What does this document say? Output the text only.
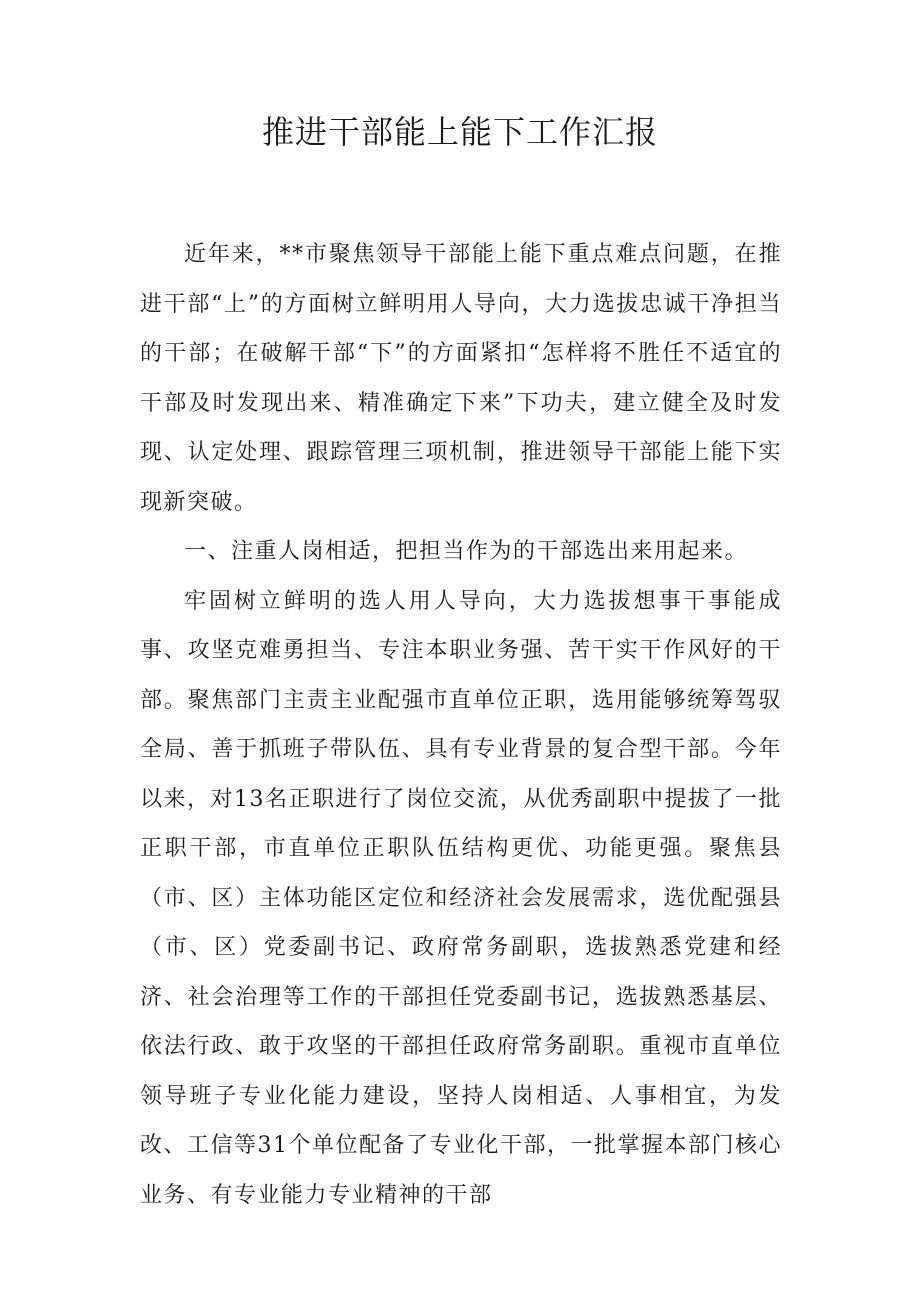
推进干部能上能下工作汇报

近年来，**市聚焦领导干部能上能下重点难点问题，在推进干部“上”的方面树立鲜明用人导向，大力选拔忠诚干净担当的干部；在破解干部“下”的方面紧扣“怎样将不胜任不适宜的干部及时发现出来、精准确定下来”下功夫，建立健全及时发现、认定处理、跟踪管理三项机制，推进领导干部能上能下实现新突破。

一、注重人岗相适，把担当作为的干部选出来用起来。

牢固树立鲜明的选人用人导向，大力选拔想事干事能成事、攻坚克难勇担当、专注本职业务强、苦干实干作风好的干部。聚焦部门主责主业配强市直单位正职，选用能够统筹驾驭全局、善于抓班子带队伍、具有专业背景的复合型干部。今年以来，对13名正职进行了岗位交流，从优秀副职中提拔了一批正职干部，市直单位正职队伍结构更优、功能更强。聚焦县（市、区）主体功能区定位和经济社会发展需求，选优配强县（市、区）党委副书记、政府常务副职，选拔熟悉党建和经济、社会治理等工作的干部担任党委副书记，选拔熟悉基层、依法行政、敢于攻坚的干部担任政府常务副职。重视市直单位领导班子专业化能力建设，坚持人岗相适、人事相宜，为发改、工信等31个单位配备了专业化干部，一批掌握本部门核心业务、有专业能力专业精神的干部
